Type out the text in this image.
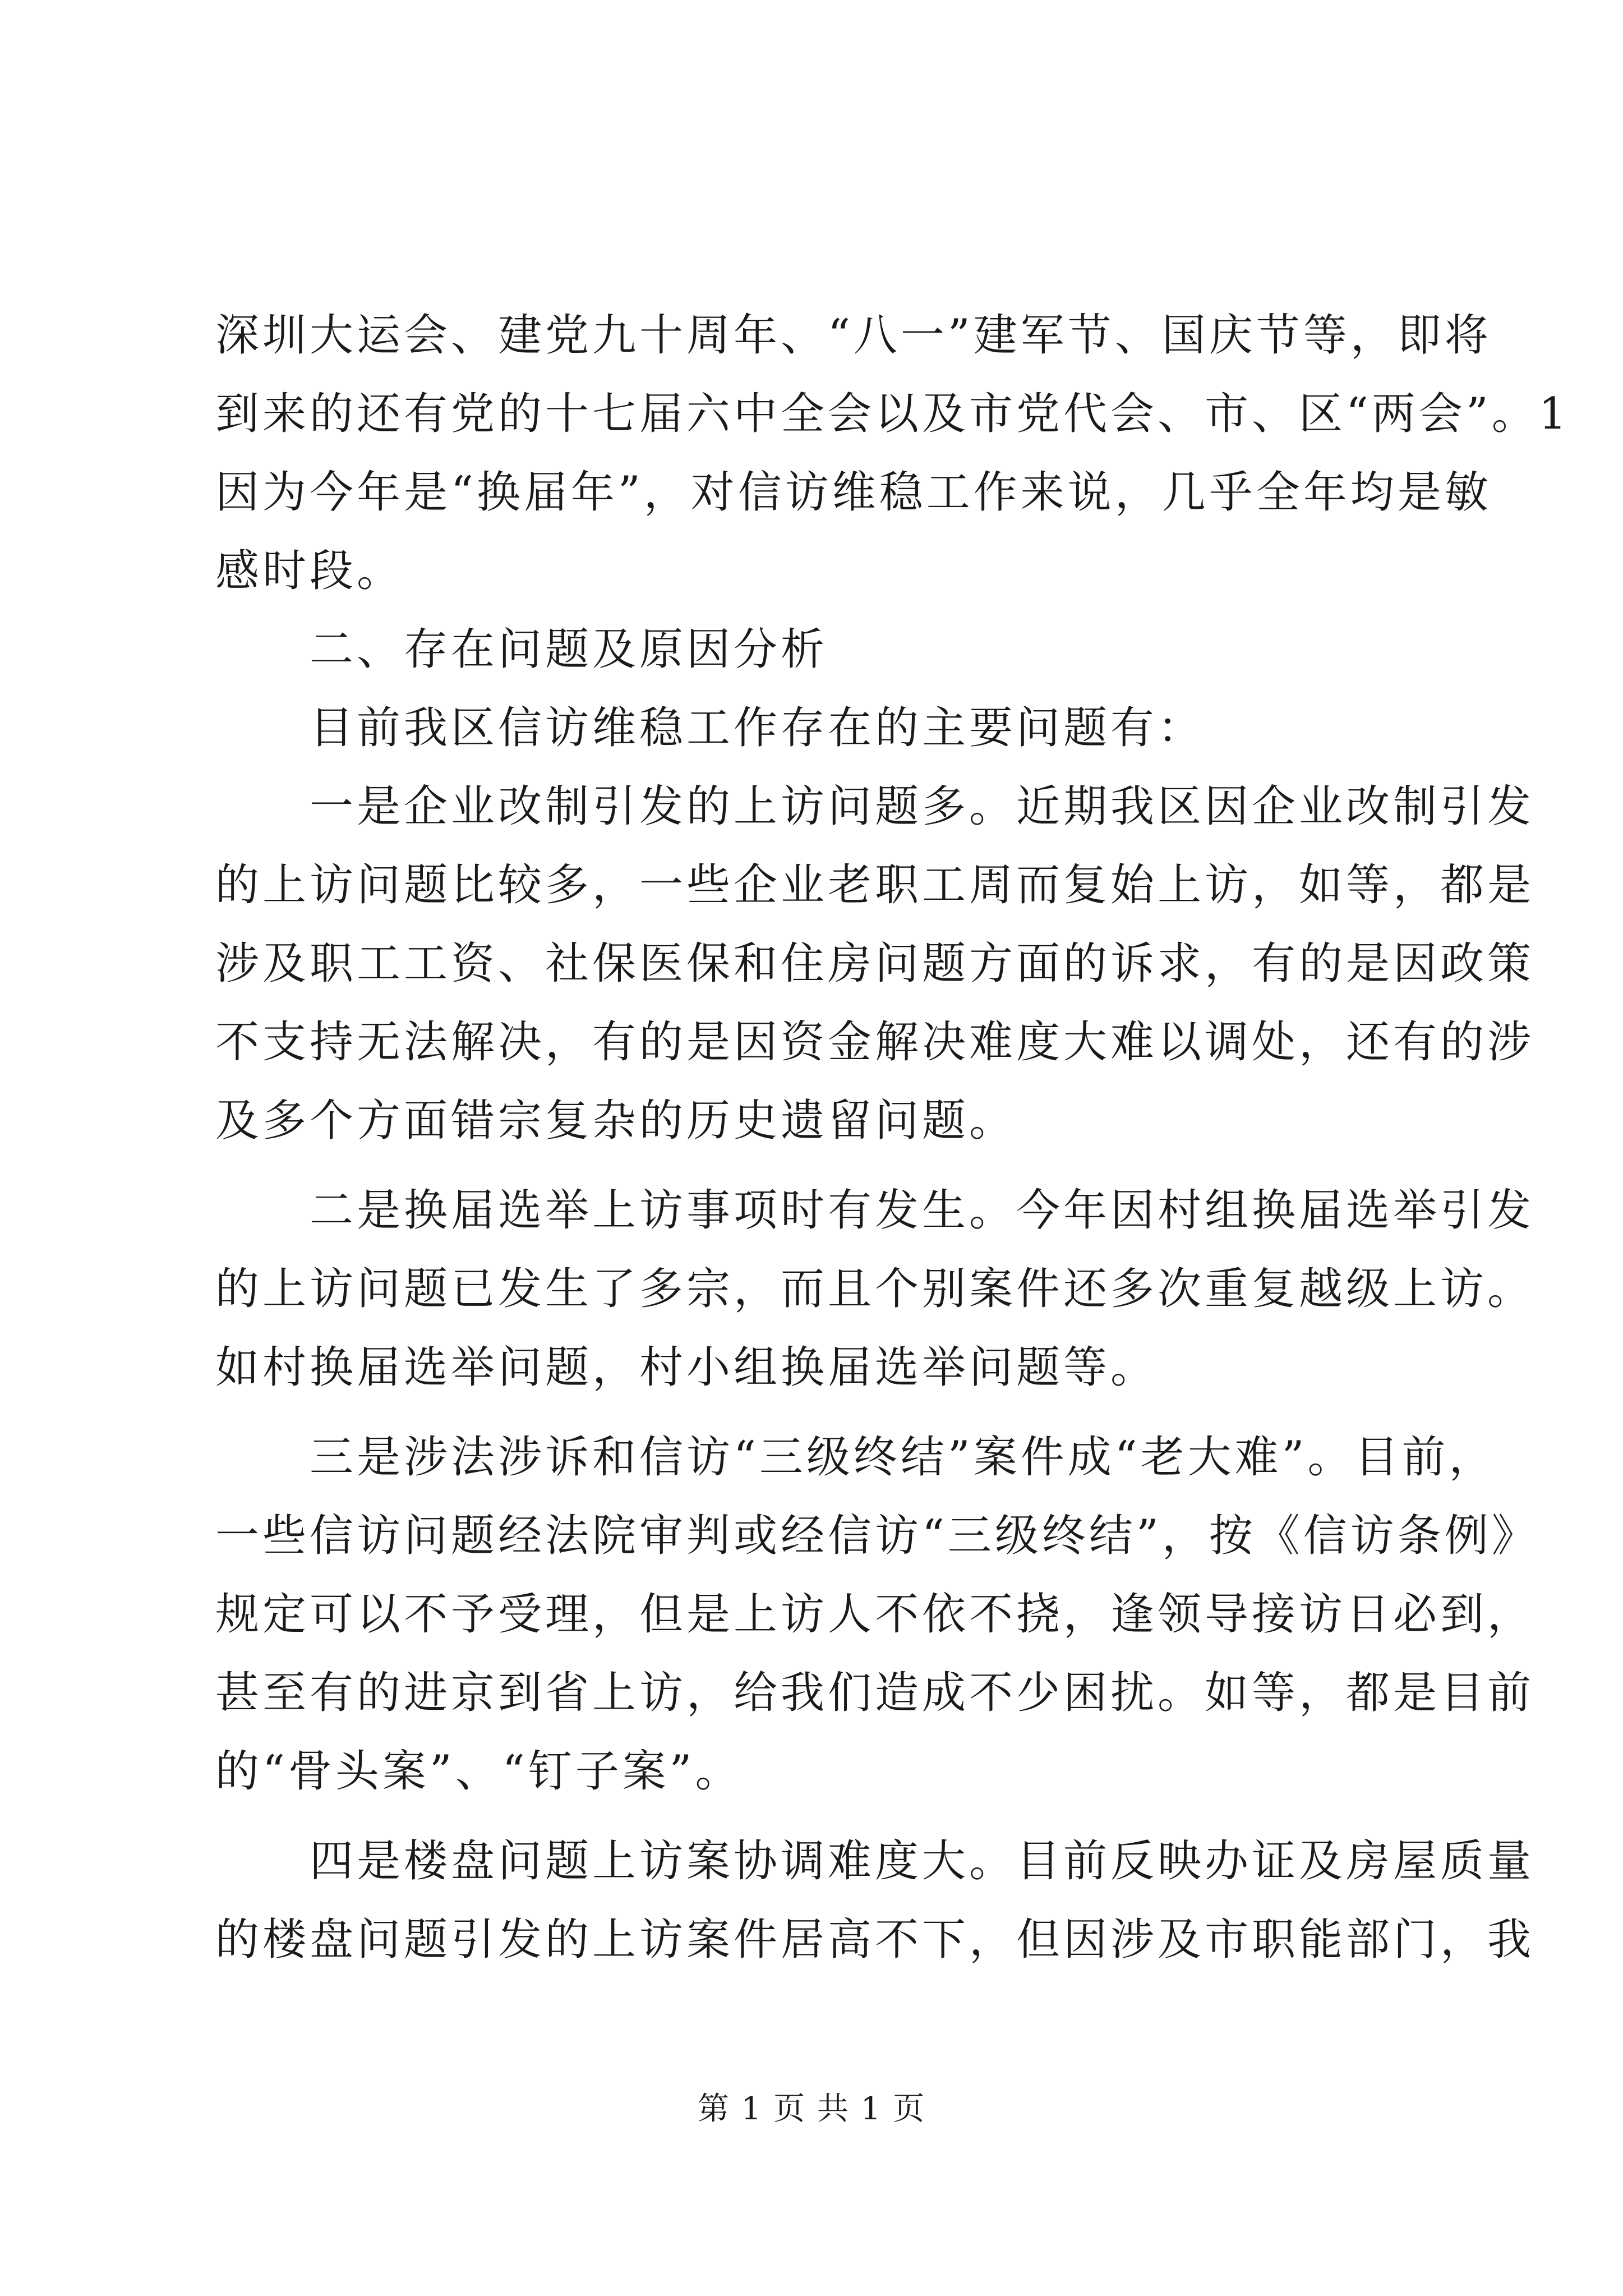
深圳大运会、建党九十周年、“八一”建军节、国庆节等，即将
到来的还有党的十七届六中全会以及市党代会、市、区“两会”。1
因为今年是“换届年”，对信访维稳工作来说，几乎全年均是敏
感时段。
二、存在问题及原因分析
目前我区信访维稳工作存在的主要问题有：
一是企业改制引发的上访问题多。近期我区因企业改制引发
的上访问题比较多，一些企业老职工周而复始上访，如等，都是
涉及职工工资、社保医保和住房问题方面的诉求，有的是因政策
不支持无法解决，有的是因资金解决难度大难以调处，还有的涉
及多个方面错宗复杂的历史遗留问题。
二是换届选举上访事项时有发生。今年因村组换届选举引发
的上访问题已发生了多宗，而且个别案件还多次重复越级上访。
如村换届选举问题，村小组换届选举问题等。
三是涉法涉诉和信访“三级终结”案件成“老大难”。目前，
一些信访问题经法院审判或经信访“三级终结”，按《信访条例》
规定可以不予受理，但是上访人不依不挠，逢领导接访日必到，
甚至有的进京到省上访，给我们造成不少困扰。如等，都是目前
的“骨头案”、“钉子案”。
四是楼盘问题上访案协调难度大。目前反映办证及房屋质量
的楼盘问题引发的上访案件居高不下，但因涉及市职能部门，我
第 1 页 共 1 页
